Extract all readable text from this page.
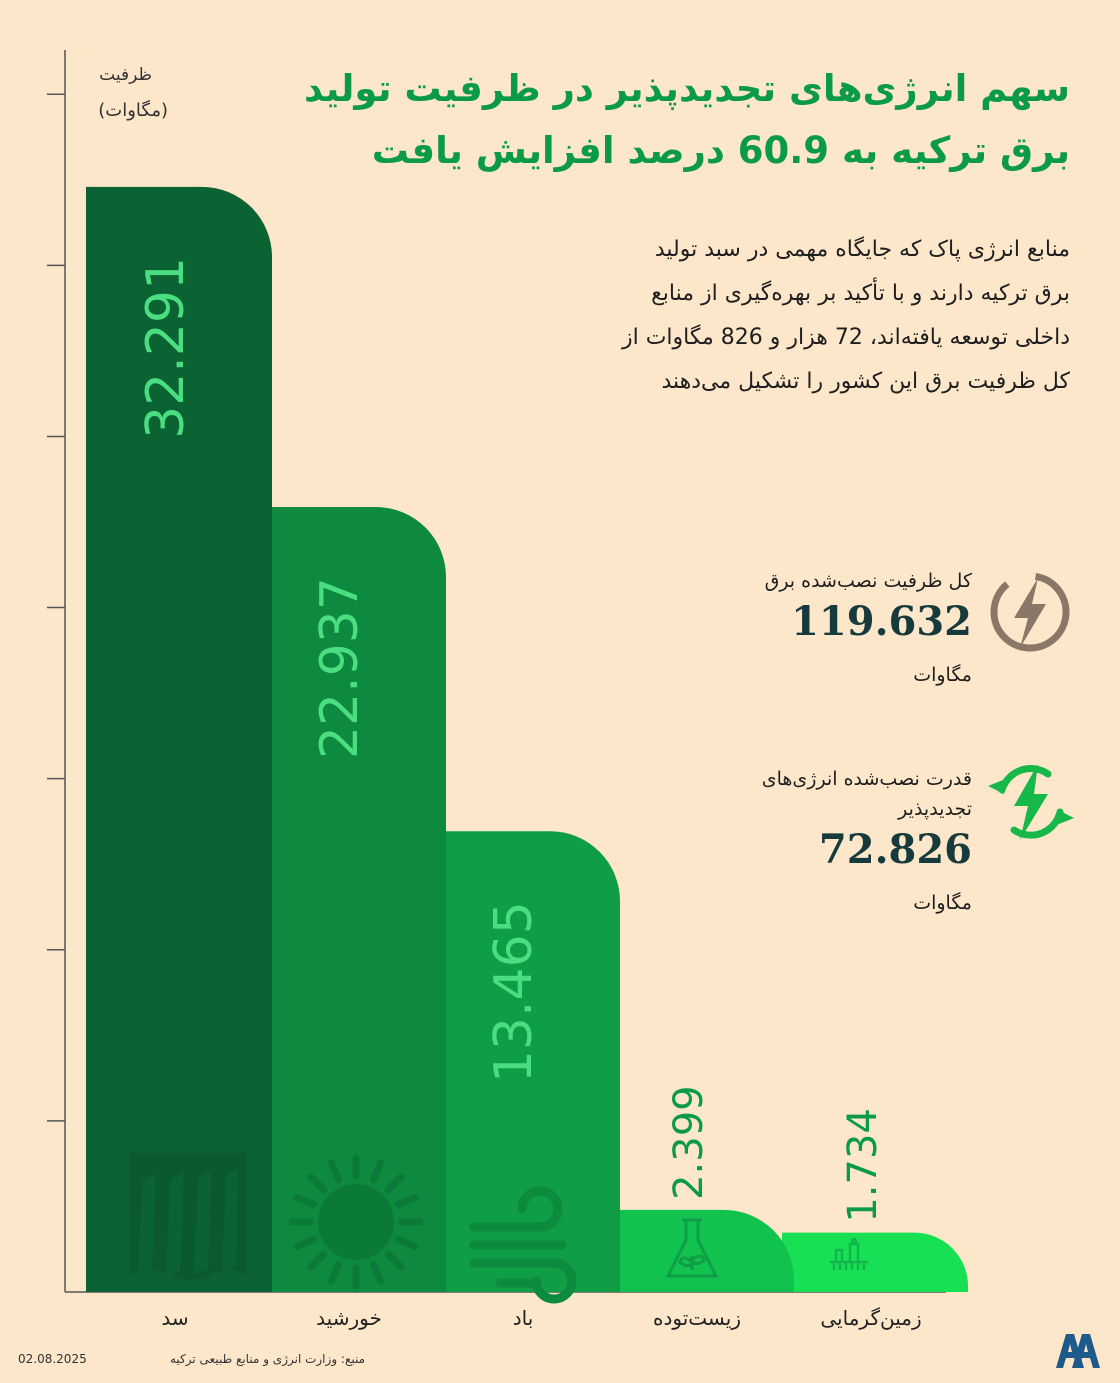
سهم انرژی‌های تجدیدپذیر در ظرفیت تولید
برق ترکیه به 60.9 درصد افزایش یافت
منابع انرژی پاک که جایگاه مهمی در سبد تولید
برق ترکیه دارند و با تأکید بر بهره‌گیری از منابع
داخلی توسعه یافته‌اند، 72 هزار و 826 مگاوات از
کل ظرفیت برق این کشور را تشکیل می‌دهند
کل ظرفیت نصب‌شده برق
119.632
مگاوات
قدرت نصب‌شده انرژی‌های
تجدیدپذیر
72.826
مگاوات
ظرفیت
(مگاوات)
32.291
22.937
13.465
2.399	1.734
سد	خورشید	باد	زیست‌توده	زمین‌گرمایی
منبع: وزارت انرژی و منابع طبیعی ترکیه
02.08.2025
